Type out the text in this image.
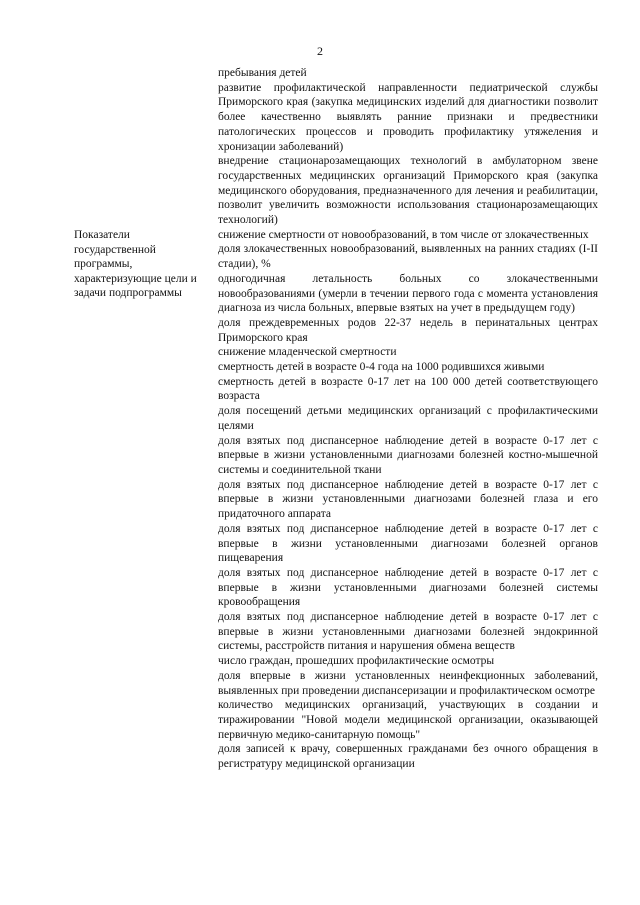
2
Показатели государственной программы, характеризующие цели и задачи подпрограммы

пребывания детей

развитие профилактической направленности педиатрической службы Приморского края (закупка медицинских изделий для диагностики позволит более качественно выявлять ранние признаки и предвестники патологических процессов и проводить профилактику утяжеления и хронизации заболеваний)

внедрение стационарозамещающих технологий в амбулаторном звене государственных медицинских организаций Приморского края (закупка медицинского оборудования, предназначенного для лечения и реабилитации, позволит увеличить возможности использования стационарозамещающих технологий)

снижение смертности от новообразований, в том числе от злокачественных

доля злокачественных новообразований, выявленных на ранних стадиях (I-II стадии), %

одногодичная летальность больных со злокачественными новообразованиями (умерли в течении первого года с момента установления диагноза из числа больных, впервые взятых на учет в предыдущем году)

доля преждевременных родов 22-37 недель в перинатальных центрах Приморского края

снижение младенческой смертности

смертность детей в возрасте 0-4 года на 1000 родившихся живыми

смертность детей в возрасте 0-17 лет на 100 000 детей соответствующего возраста

доля посещений детьми медицинских организаций с профилактическими целями

доля взятых под диспансерное наблюдение детей в возрасте 0-17 лет с впервые в жизни установленными диагнозами болезней костно-мышечной системы и соединительной ткани

доля взятых под диспансерное наблюдение детей в возрасте 0-17 лет с впервые в жизни установленными диагнозами болезней глаза и его придаточного аппарата

доля взятых под диспансерное наблюдение детей в возрасте 0-17 лет с впервые в жизни установленными диагнозами болезней органов пищеварения

доля взятых под диспансерное наблюдение детей в возрасте 0-17 лет с впервые в жизни установленными диагнозами болезней системы кровообращения

доля взятых под диспансерное наблюдение детей в возрасте 0-17 лет с впервые в жизни установленными диагнозами болезней эндокринной системы, расстройств питания и нарушения обмена веществ

число граждан, прошедших профилактические осмотры

доля впервые в жизни установленных неинфекционных заболеваний, выявленных при проведении диспансеризации и профилактическом осмотре

количество медицинских организаций, участвующих в создании и тиражировании "Новой модели медицинской организации, оказывающей первичную медико-санитарную помощь"

доля записей к врачу, совершенных гражданами без очного обращения в регистратуру медицинской организации
